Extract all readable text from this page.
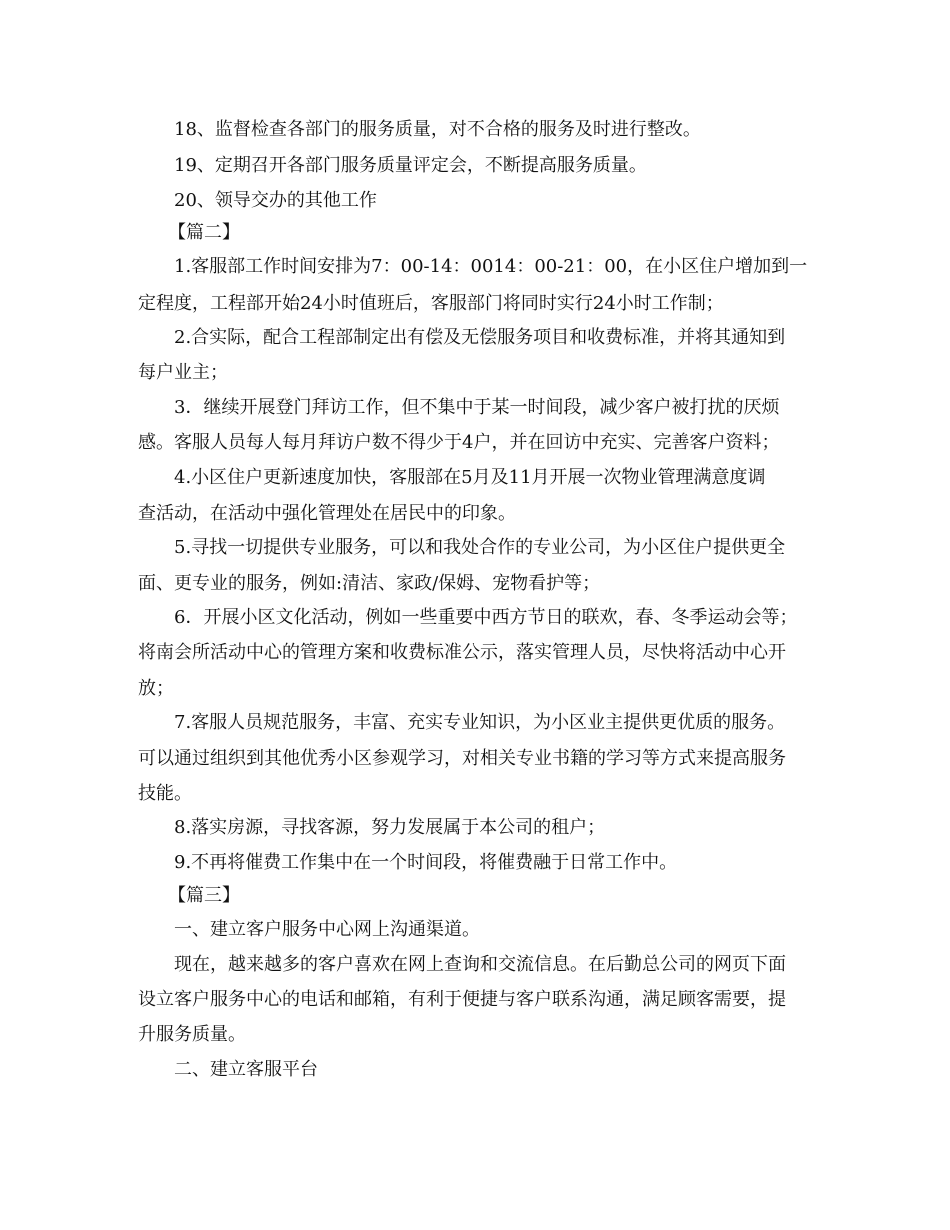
18、监督检查各部门的服务质量，对不合格的服务及时进行整改。
19、定期召开各部门服务质量评定会，不断提高服务质量。
20、领导交办的其他工作
【篇二】
1.客服部工作时间安排为7：00-14：0014：00-21：00，在小区住户增加到一
定程度，工程部开始24小时值班后，客服部门将同时实行24小时工作制；
2.合实际，配合工程部制定出有偿及无偿服务项目和收费标准，并将其通知到
每户业主；
3．继续开展登门拜访工作，但不集中于某一时间段，减少客户被打扰的厌烦
感。客服人员每人每月拜访户数不得少于4户，并在回访中充实、完善客户资料；
4.小区住户更新速度加快，客服部在5月及11月开展一次物业管理满意度调
查活动，在活动中强化管理处在居民中的印象。
5.寻找一切提供专业服务，可以和我处合作的专业公司，为小区住户提供更全
面、更专业的服务，例如:清洁、家政/保姆、宠物看护等；
6．开展小区文化活动，例如一些重要中西方节日的联欢，春、冬季运动会等；
将南会所活动中心的管理方案和收费标准公示，落实管理人员，尽快将活动中心开
放；
7.客服人员规范服务，丰富、充实专业知识，为小区业主提供更优质的服务。
可以通过组织到其他优秀小区参观学习，对相关专业书籍的学习等方式来提高服务
技能。
8.落实房源，寻找客源，努力发展属于本公司的租户；
9.不再将催费工作集中在一个时间段，将催费融于日常工作中。
【篇三】
一、建立客户服务中心网上沟通渠道。
现在，越来越多的客户喜欢在网上查询和交流信息。在后勤总公司的网页下面
设立客户服务中心的电话和邮箱，有利于便捷与客户联系沟通，满足顾客需要，提
升服务质量。
二、建立客服平台
